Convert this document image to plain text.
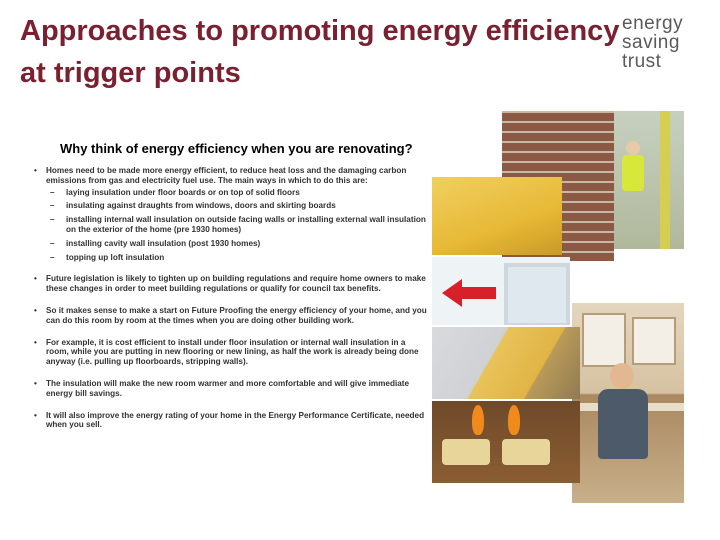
Approaches to promoting energy efficiency
at trigger points
energy
saving
trust
Why think of energy efficiency when you are renovating?
• Homes need to be made more energy efficient, to reduce heat loss and the damaging carbon emissions from gas and electricity fuel use. The main ways in which to do this are:
– laying insulation under floor boards or on top of solid floors
– insulating against draughts from windows, doors and skirting boards
– installing internal wall insulation on outside facing walls or installing external wall insulation on the exterior of the home (pre 1930 homes)
– installing cavity wall insulation (post 1930 homes)
– topping up loft insulation
• Future legislation is likely to tighten up on building regulations and require home owners to make these changes in order to meet building regulations or qualify for council tax benefits.
• So it makes sense to make a start on Future Proofing the energy efficiency of your home, and you can do this room by room at the times when you are doing other building work.
• For example, it is cost efficient to install under floor insulation or internal wall insulation in a room, while you are putting in new flooring or new lining, as half the work is already being done anyway (i.e. pulling up floorboards, stripping walls).
• The insulation will make the new room warmer and more comfortable and will give immediate energy bill savings.
• It will also improve the energy rating of your home in the Energy Performance Certificate, needed when you sell.
